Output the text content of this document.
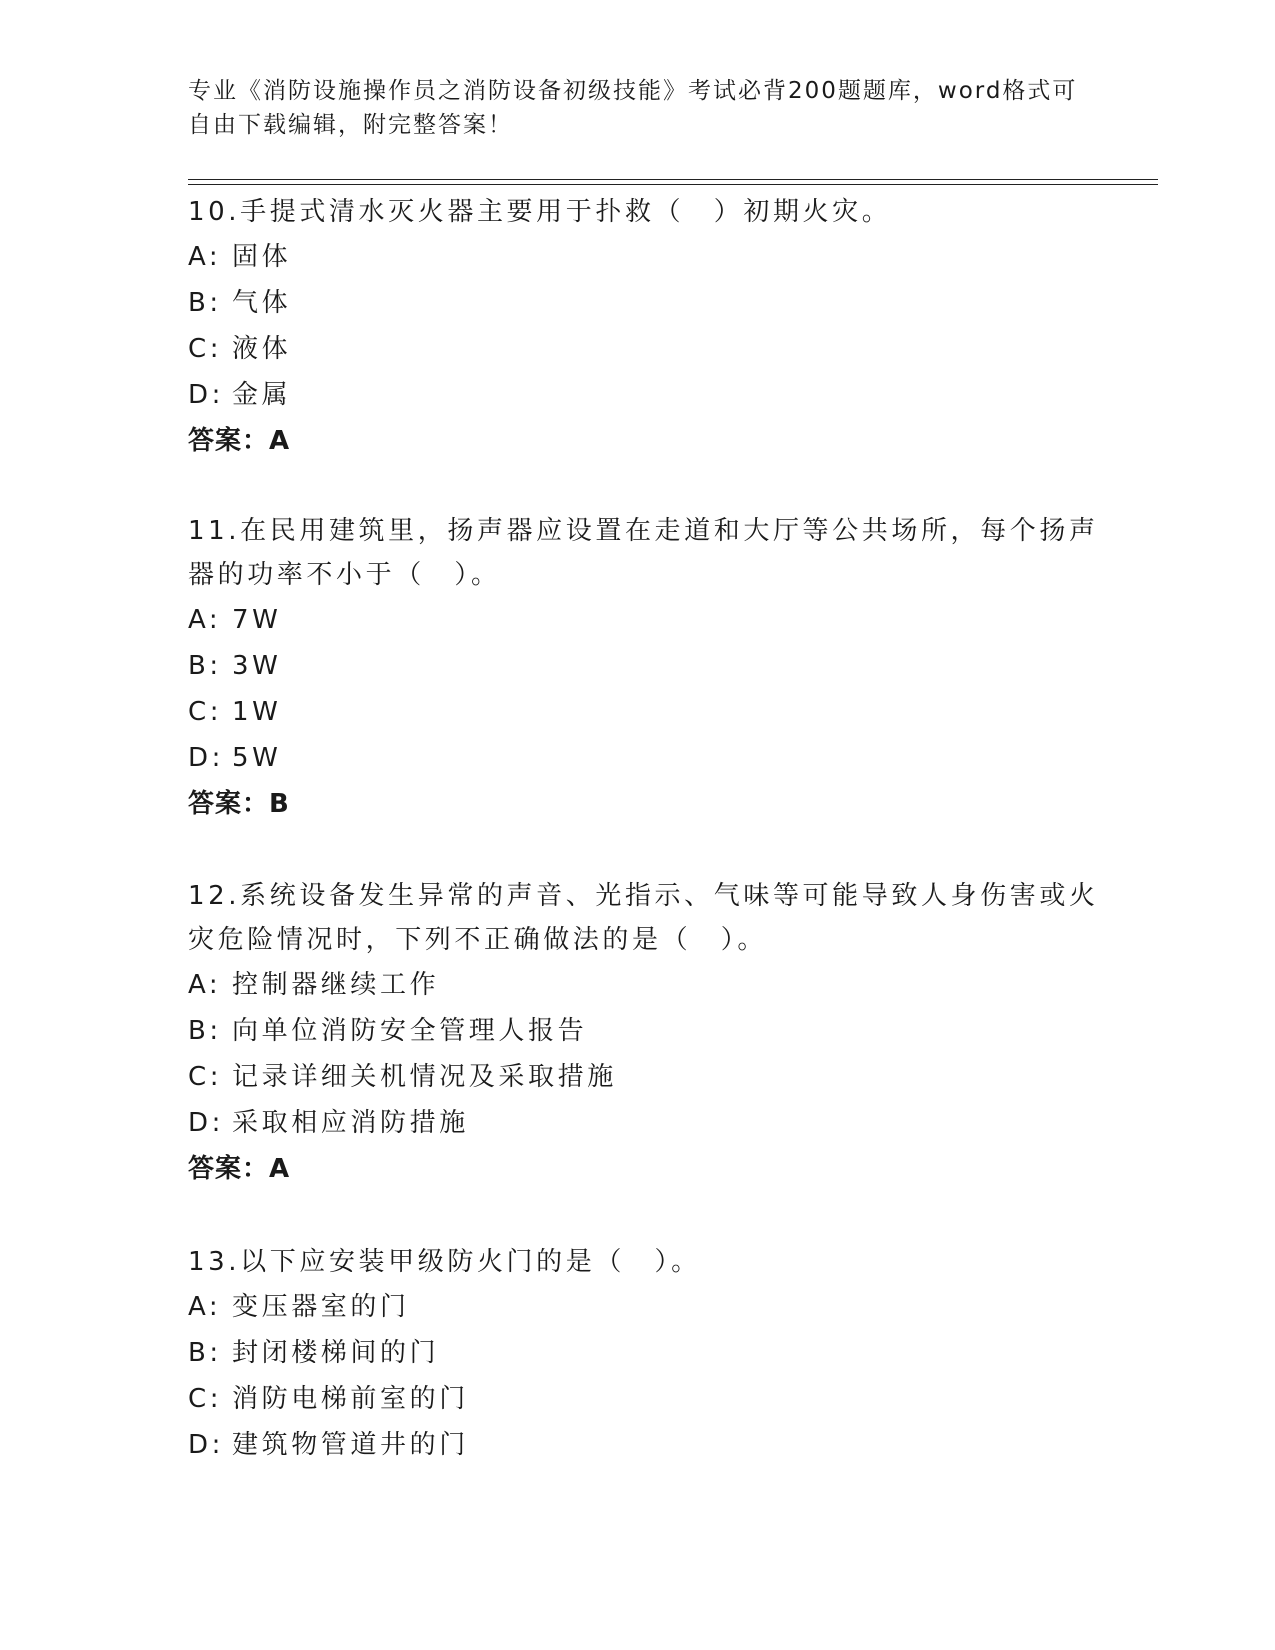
专业《消防设施操作员之消防设备初级技能》考试必背200题题库，word格式可
自由下载编辑，附完整答案！
10.手提式清水灭火器主要用于扑救（　）初期火灾。
A: 固体
B: 气体
C: 液体
D: 金属
答案：A
11.在民用建筑里，扬声器应设置在走道和大厅等公共场所，每个扬声
器的功率不小于（　）。
A: 7W
B: 3W
C: 1W
D: 5W
答案：B
12.系统设备发生异常的声音、光指示、气味等可能导致人身伤害或火
灾危险情况时，下列不正确做法的是（　）。
A: 控制器继续工作
B: 向单位消防安全管理人报告
C: 记录详细关机情况及采取措施
D: 采取相应消防措施
答案：A
13.以下应安装甲级防火门的是（　）。
A: 变压器室的门
B: 封闭楼梯间的门
C: 消防电梯前室的门
D: 建筑物管道井的门
